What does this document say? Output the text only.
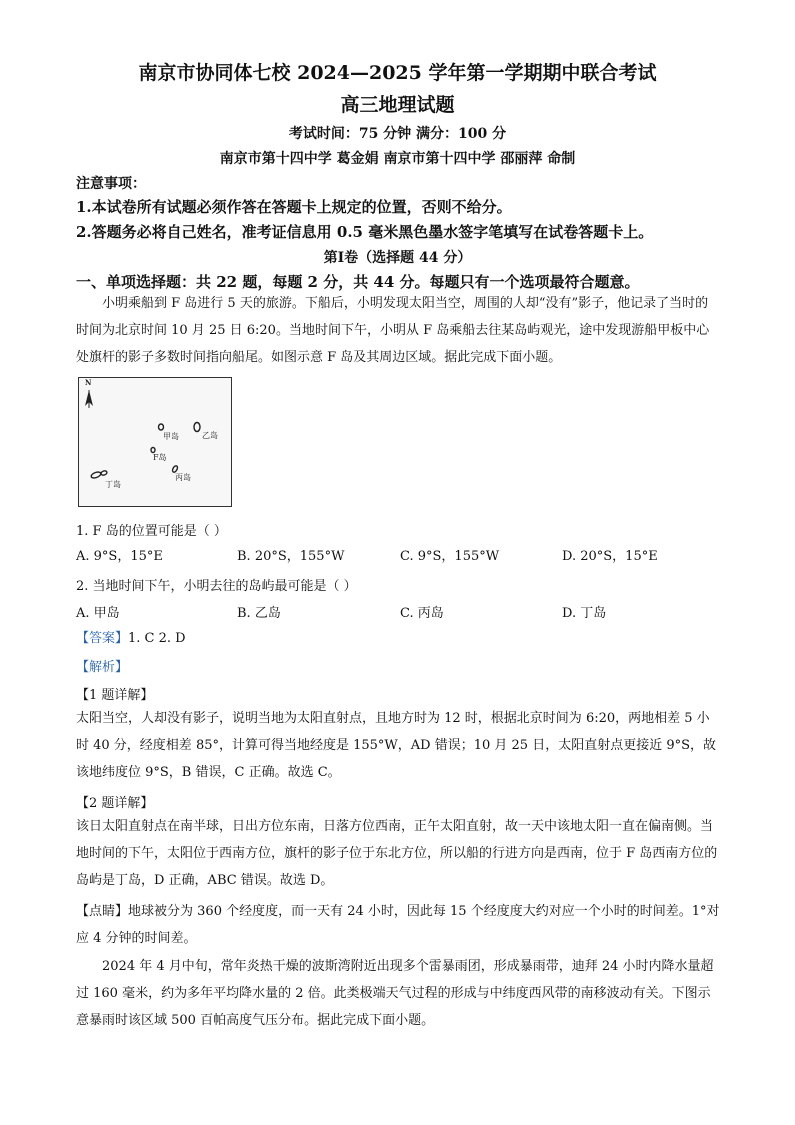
南京市协同体七校 2024—2025 学年第一学期期中联合考试
高三地理试题
考试时间：75 分钟 满分：100 分
南京市第十四中学 葛金娟 南京市第十四中学 邵丽萍 命制
注意事项：
1.本试卷所有试题必须作答在答题卡上规定的位置，否则不给分。
2.答题务必将自己姓名，准考证信息用 0.5 毫米黑色墨水签字笔填写在试卷答题卡上。
第Ⅰ卷（选择题 44 分）
一、单项选择题：共 22 题，每题 2 分，共 44 分。每题只有一个选项最符合题意。
小明乘船到 F 岛进行 5 天的旅游。下船后，小明发现太阳当空，周围的人却“没有”影子，他记录了当时的时间为北京时间 10 月 25 日 6:20。当地时间下午，小明从 F 岛乘船去往某岛屿观光，途中发现游船甲板中心处旗杆的影子多数时间指向船尾。如图示意 F 岛及其周边区域。据此完成下面小题。
N
甲岛	乙岛
F岛
丙岛
丁岛
1. F 岛的位置可能是（ ）
A. 9°S，15°E	B. 20°S，155°W	C. 9°S，155°W	D. 20°S，15°E
2. 当地时间下午，小明去往的岛屿最可能是（ ）
A. 甲岛	B. 乙岛	C. 丙岛	D. 丁岛
【答案】1. C 2. D
【解析】
【1 题详解】
太阳当空，人却没有影子，说明当地为太阳直射点，且地方时为 12 时，根据北京时间为 6:20，两地相差 5 小时 40 分，经度相差 85°，计算可得当地经度是 155°W，AD 错误；10 月 25 日，太阳直射点更接近 9°S，故该地纬度位 9°S，B 错误，C 正确。故选 C。
【2 题详解】
该日太阳直射点在南半球，日出方位东南，日落方位西南，正午太阳直射，故一天中该地太阳一直在偏南侧。当地时间的下午，太阳位于西南方位，旗杆的影子位于东北方位，所以船的行进方向是西南，位于 F 岛西南方位的岛屿是丁岛，D 正确，ABC 错误。故选 D。
【点睛】地球被分为 360 个经度度，而一天有 24 小时，因此每 15 个经度度大约对应一个小时的时间差。1°对应 4 分钟的时间差。
2024 年 4 月中旬，常年炎热干燥的波斯湾附近出现多个雷暴雨团，形成暴雨带，迪拜 24 小时内降水量超过 160 毫米，约为多年平均降水量的 2 倍。此类极端天气过程的形成与中纬度西风带的南移波动有关。下图示意暴雨时该区域 500 百帕高度气压分布。据此完成下面小题。
